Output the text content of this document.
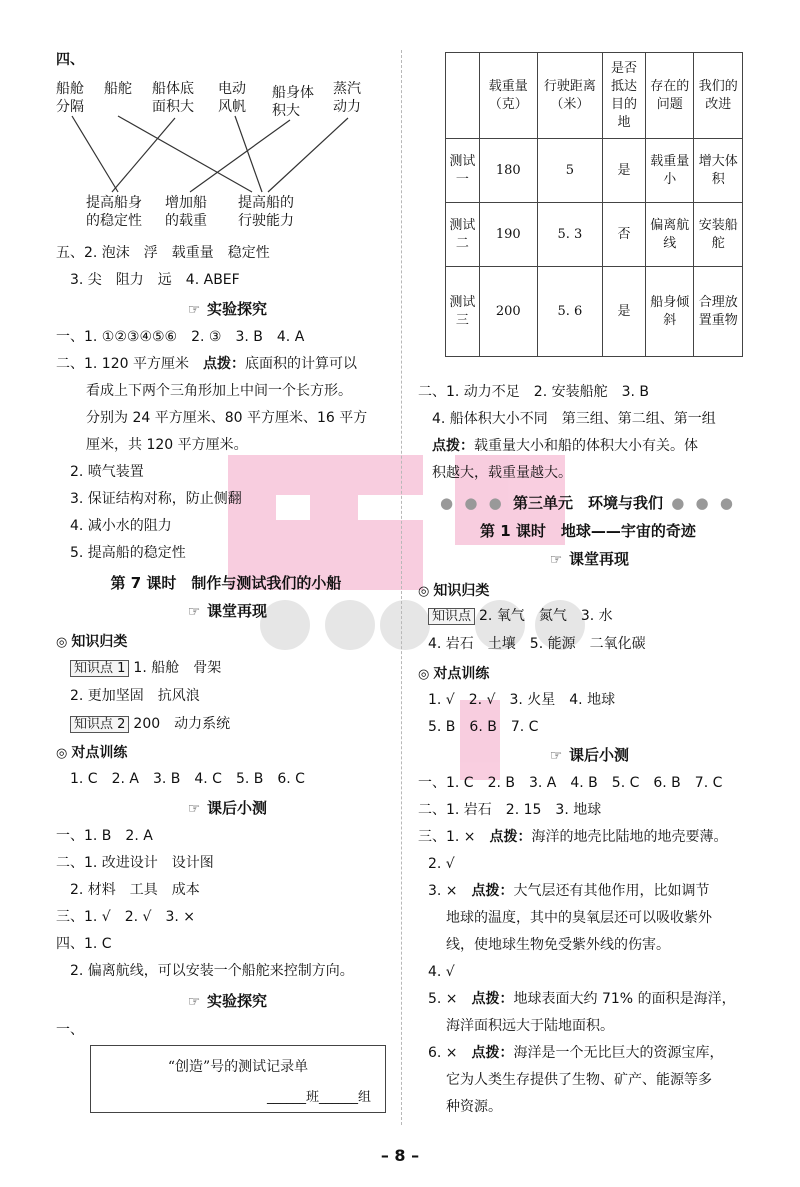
四、
船舱
分隔
船舵 船体底
面积大
电动
风帆
船身体
积大
蒸汽
动力
提高船身
的稳定性
增加船
的载重
提高船的
行驶能力
五、2. 泡沫　浮　载重量　稳定性
3. 尖　阻力　远　4. ABEF
☞ 实验探究
一、1. ①②③④⑤⑥　2. ③　3. B　4. A
二、1. 120 平方厘米　点拨：底面积的计算可以
看成上下两个三角形加上中间一个长方形。
分别为 24 平方厘米、80 平方厘米、16 平方
厘米，共 120 平方厘米。
2. 喷气装置
3. 保证结构对称，防止侧翻
4. 减小水的阻力
5. 提高船的稳定性
第 7 课时　制作与测试我们的小船
☞ 课堂再现
◎ 知识归类
知识点 1 1. 船舱　骨架
2. 更加坚固　抗风浪
知识点 2 200　动力系统
◎ 对点训练
1. C　2. A　3. B　4. C　5. B　6. C
☞ 课后小测
一、1. B　2. A
二、1. 改进设计　设计图
2. 材料　工具　成本
三、1. √　2. √　3. ×
四、1. C
2. 偏离航线，可以安装一个船舵来控制方向。
☞ 实验探究
一、
“创造”号的测试记录单
______班______组
	载重量（克）	行驶距离（米）	是否抵达目的地	存在的问题	我们的改进
测试一	180	5	是	载重量小	增大体积
测试二	190	5. 3	否	偏离航线	安装船舵
测试三	200	5. 6	是	船身倾斜	合理放置重物
二、1. 动力不足　2. 安装船舵　3. B
4. 船体积大小不同　第三组、第二组、第一组
点拨：载重量大小和船的体积大小有关。体
积越大，载重量越大。
● ● ● 第三单元　环境与我们 ● ● ●
第 1 课时　地球——宇宙的奇迹
☞ 课堂再现
◎ 知识归类
知识点 2. 氧气　氮气　3. 水
4. 岩石　土壤　5. 能源　二氧化碳
◎ 对点训练
1. √　2. √　3. 火星　4. 地球
5. B　6. B　7. C
☞ 课后小测
一、1. C　2. B　3. A　4. B　5. C　6. B　7. C
二、1. 岩石　2. 15　3. 地球
三、1. ×　点拨：海洋的地壳比陆地的地壳要薄。
2. √
3. ×　点拨：大气层还有其他作用，比如调节
地球的温度，其中的臭氧层还可以吸收紫外
线，使地球生物免受紫外线的伤害。
4. √
5. ×　点拨：地球表面大约 71% 的面积是海洋，
海洋面积远大于陆地面积。
6. ×　点拨：海洋是一个无比巨大的资源宝库，
它为人类生存提供了生物、矿产、能源等多
种资源。
– 8 –
